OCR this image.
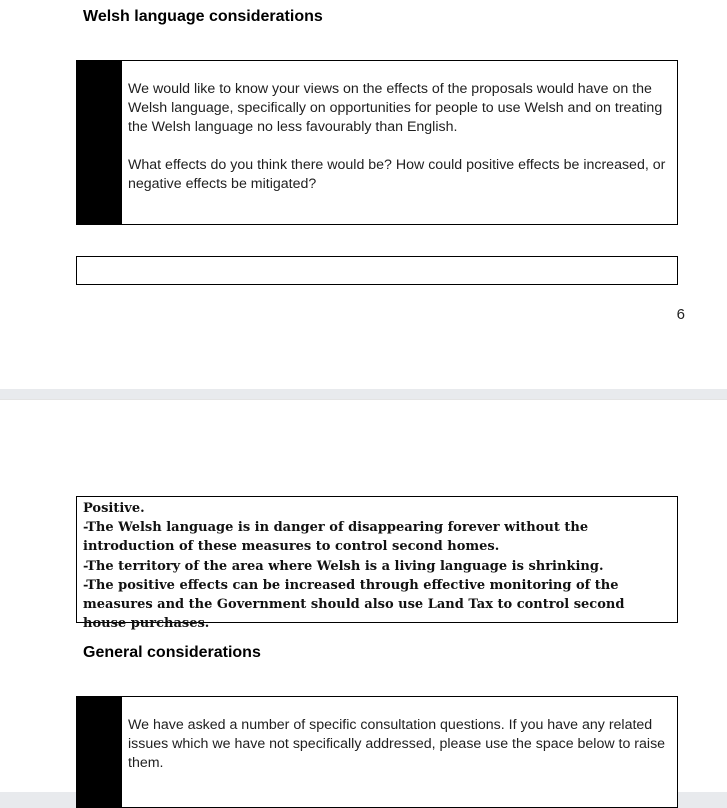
Welsh language considerations

We would like to know your views on the effects of the proposals would have on the Welsh language, specifically on opportunities for people to use Welsh and on treating the Welsh language no less favourably than English.

What effects do you think there would be? How could positive effects be increased, or negative effects be mitigated?

6
Positive.
-The Welsh language is in danger of disappearing forever without the introduction of these measures to control second homes.
-The territory of the area where Welsh is a living language is shrinking.
-The positive effects can be increased through effective monitoring of the measures and the Government should also use Land Tax to control second house purchases.
General considerations

We have asked a number of specific consultation questions. If you have any related issues which we have not specifically addressed, please use the space below to raise them.
